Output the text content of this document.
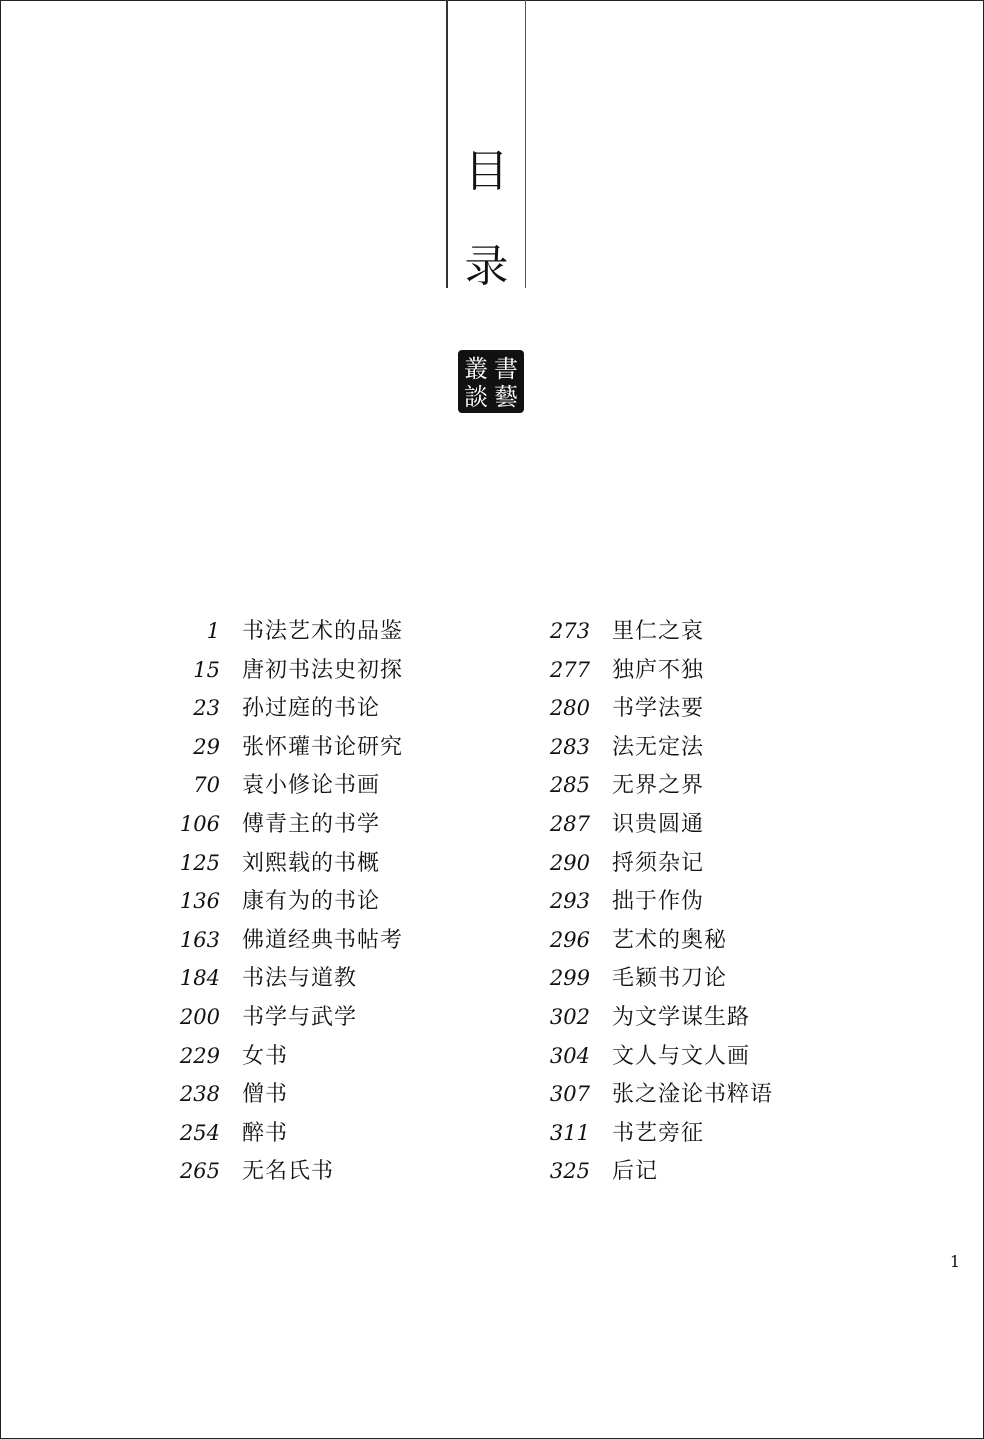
目
录
書
藝
叢
談
1 书法艺术的品鉴
15 唐初书法史初探
23 孙过庭的书论
29 张怀瓘书论研究
70 袁小修论书画
106 傅青主的书学
125 刘熙载的书概
136 康有为的书论
163 佛道经典书帖考
184 书法与道教
200 书学与武学
229 女书
238 僧书
254 醉书
265 无名氏书
273 里仁之哀
277 独庐不独
280 书学法要
283 法无定法
285 无界之界
287 识贵圆通
290 捋须杂记
293 拙于作伪
296 艺术的奥秘
299 毛颖书刀论
302 为文学谋生路
304 文人与文人画
307 张之淦论书粹语
311 书艺旁征
325 后记
1
